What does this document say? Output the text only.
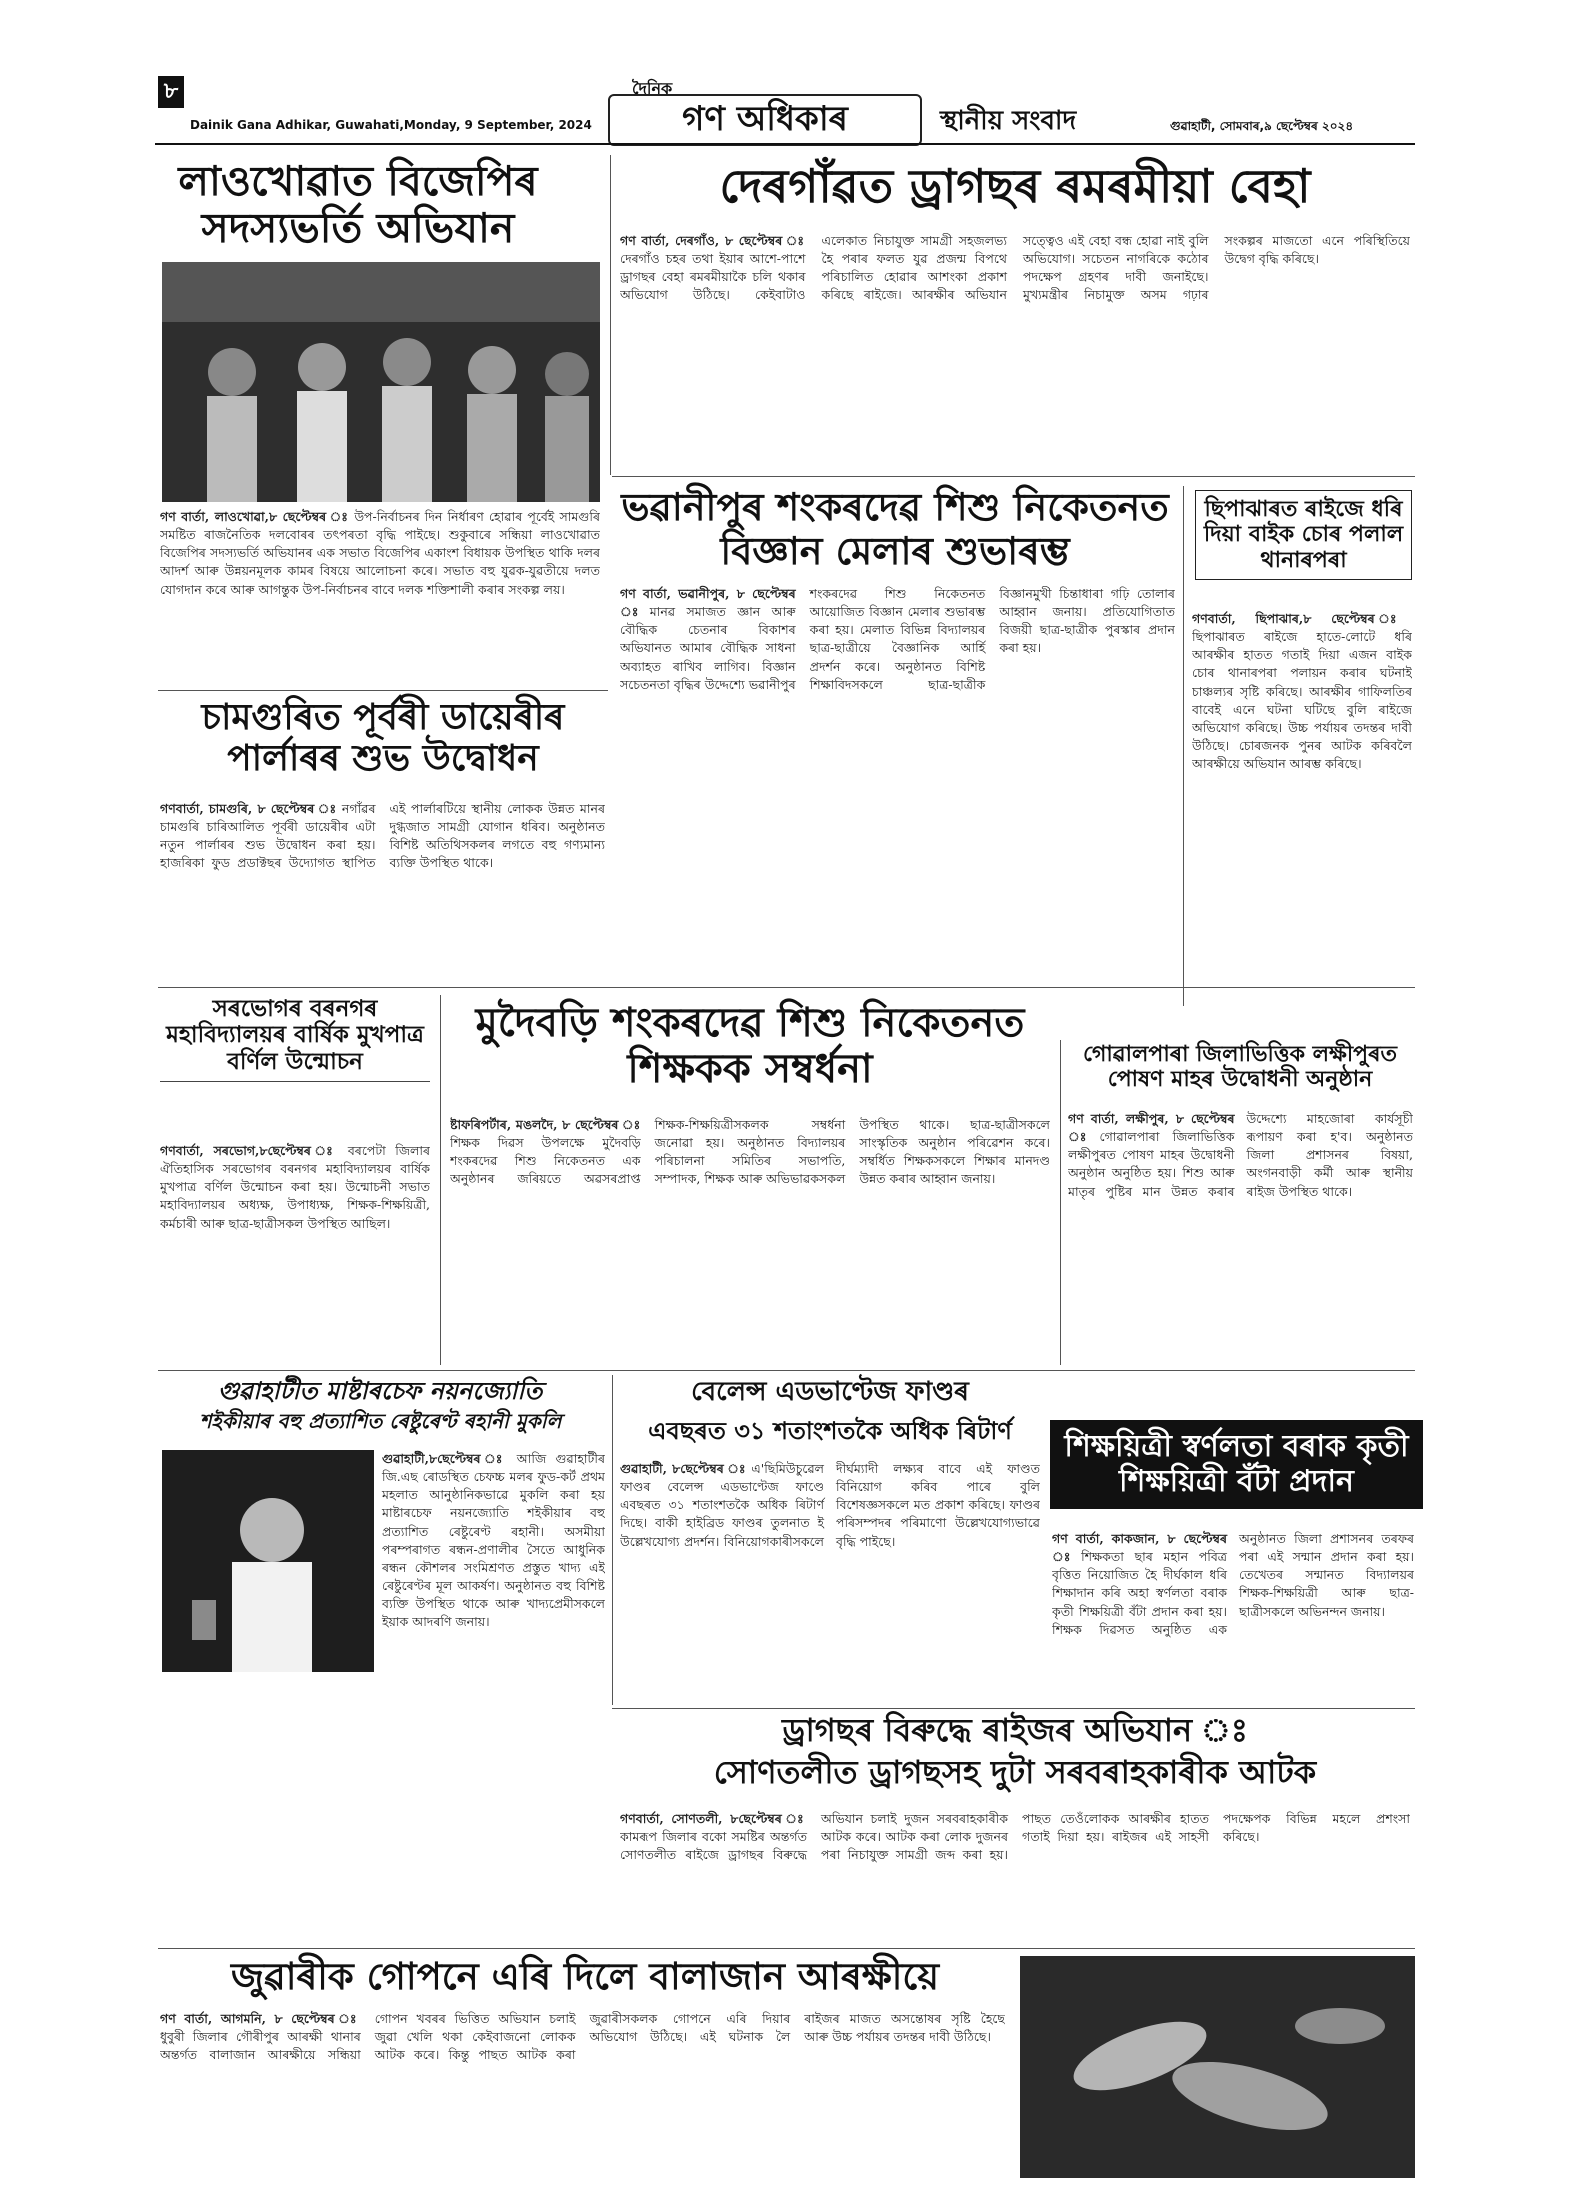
৮
Dainik Gana Adhikar, Guwahati,Monday, 9 September, 2024
দৈনিক
গণ অধিকাৰ	স্থানীয় সংবাদ	গুৱাহাটী, সোমবাৰ,৯ ছেপ্টেম্বৰ ২০২৪
লাওখোৱাত বিজেপিৰ সদস্যভৰ্তি অভিযান
গণ বাৰ্তা, লাওখোৱা,৮ ছেপ্টেম্বৰ ঃ উপ-নিৰ্বাচনৰ দিন নিৰ্ধাৰণ হোৱাৰ পূৰ্বেই সামগুৰি সমষ্টিত ৰাজনৈতিক দলবোৰৰ তৎপৰতা বৃদ্ধি পাইছে। শুকুবাৰে সন্ধিয়া লাওখোৱাত বিজেপিৰ সদস্যভৰ্তি অভিযানৰ এক সভাত বিজেপিৰ একাংশ বিধায়ক উপস্থিত থাকি দলৰ আদৰ্শ আৰু উন্নয়নমূলক কামৰ বিষয়ে আলোচনা কৰে। সভাত বহু যুৱক-যুৱতীয়ে দলত যোগদান কৰে আৰু আগন্তুক উপ-নিৰ্বাচনৰ বাবে দলক শক্তিশালী কৰাৰ সংকল্প লয়।
দেৰগাঁৱত ড্ৰাগছৰ ৰমৰমীয়া বেহা
গণ বাৰ্তা, দেৰগাঁও, ৮ ছেপ্টেম্বৰ ঃ দেৰগাঁও চহৰ তথা ইয়াৰ আশে-পাশে ড্ৰাগছৰ বেহা ৰমৰমীয়াকৈ চলি থকাৰ অভিযোগ উঠিছে। কেইবাটাও এলেকাত নিচাযুক্ত সামগ্ৰী সহজলভ্য হৈ পৰাৰ ফলত যুৱ প্ৰজন্ম বিপথে পৰিচালিত হোৱাৰ আশংকা প্ৰকাশ কৰিছে ৰাইজে। আৰক্ষীৰ অভিযান সত্ত্বেও এই বেহা বন্ধ হোৱা নাই বুলি অভিযোগ। সচেতন নাগৰিকে কঠোৰ পদক্ষেপ গ্ৰহণৰ দাবী জনাইছে। মুখ্যমন্ত্ৰীৰ নিচামুক্ত অসম গঢ়াৰ সংকল্পৰ মাজতো এনে পৰিস্থিতিয়ে উদ্বেগ বৃদ্ধি কৰিছে।
ভৱানীপুৰ শংকৰদেৱ শিশু নিকেতনত বিজ্ঞান মেলাৰ শুভাৰম্ভ
গণ বাৰ্তা, ভৱানীপুৰ, ৮ ছেপ্টেম্বৰ ঃ মানৱ সমাজত জ্ঞান আৰু বৌদ্ধিক চেতনাৰ বিকাশৰ অভিযানত আমাৰ বৌদ্ধিক সাধনা অব্যাহত ৰাখিব লাগিব। বিজ্ঞান সচেতনতা বৃদ্ধিৰ উদ্দেশ্যে ভৱানীপুৰ শংকৰদেৱ শিশু নিকেতনত আয়োজিত বিজ্ঞান মেলাৰ শুভাৰম্ভ কৰা হয়। মেলাত বিভিন্ন বিদ্যালয়ৰ ছাত্ৰ-ছাত্ৰীয়ে বৈজ্ঞানিক আৰ্হি প্ৰদৰ্শন কৰে। অনুষ্ঠানত বিশিষ্ট শিক্ষাবিদসকলে ছাত্ৰ-ছাত্ৰীক বিজ্ঞানমুখী চিন্তাধাৰা গঢ়ি তোলাৰ আহ্বান জনায়। প্ৰতিযোগিতাত বিজয়ী ছাত্ৰ-ছাত্ৰীক পুৰস্কাৰ প্ৰদান কৰা হয়।
ছিপাঝাৰত ৰাইজে ধৰি দিয়া বাইক চোৰ পলাল থানাৰপৰা
গণবাৰ্তা, ছিপাঝাৰ,৮ ছেপ্টেম্বৰ ঃ ছিপাঝাৰত ৰাইজে হাতে-লোটে ধৰি আৰক্ষীৰ হাতত গতাই দিয়া এজন বাইক চোৰ থানাৰপৰা পলায়ন কৰাৰ ঘটনাই চাঞ্চল্যৰ সৃষ্টি কৰিছে। আৰক্ষীৰ গাফিলতিৰ বাবেই এনে ঘটনা ঘটিছে বুলি ৰাইজে অভিযোগ কৰিছে। উচ্চ পৰ্যায়ৰ তদন্তৰ দাবী উঠিছে। চোৰজনক পুনৰ আটক কৰিবলৈ আৰক্ষীয়ে অভিযান আৰম্ভ কৰিছে।
চামগুৰিত পূৰ্বৰী ডায়েৰীৰ পাৰ্লাৰৰ শুভ উদ্বোধন
গণবাৰ্তা, চামগুৰি, ৮ ছেপ্টেম্বৰ ঃ নগাঁৱৰ চামগুৰি চাৰিআলিত পূৰ্বৰী ডায়েৰীৰ এটা নতুন পাৰ্লাৰৰ শুভ উদ্বোধন কৰা হয়। হাজৰিকা ফুড প্ৰডাক্টছৰ উদ্যোগত স্থাপিত এই পাৰ্লাৰটিয়ে স্থানীয় লোকক উন্নত মানৰ দুগ্ধজাত সামগ্ৰী যোগান ধৰিব। অনুষ্ঠানত বিশিষ্ট অতিথিসকলৰ লগতে বহু গণ্যমান্য ব্যক্তি উপস্থিত থাকে।
সৰভোগৰ বৰনগৰ মহাবিদ্যালয়ৰ বাৰ্ষিক মুখপাত্ৰ বৰ্ণিল উন্মোচন
গণবাৰ্তা, সৰভোগ,৮ছেপ্টেম্বৰ ঃ বৰপেটা জিলাৰ ঐতিহাসিক সৰভোগৰ বৰনগৰ মহাবিদ্যালয়ৰ বাৰ্ষিক মুখপাত্ৰ বৰ্ণিল উন্মোচন কৰা হয়। উন্মোচনী সভাত মহাবিদ্যালয়ৰ অধ্যক্ষ, উপাধ্যক্ষ, শিক্ষক-শিক্ষয়িত্ৰী, কৰ্মচাৰী আৰু ছাত্ৰ-ছাত্ৰীসকল উপস্থিত আছিল।
মুদৈবড়ি শংকৰদেৱ শিশু নিকেতনত শিক্ষকক সম্বৰ্ধনা
ষ্টাফৰিপৰ্টাৰ, মঙলদৈ, ৮ ছেপ্টেম্বৰ ঃ শিক্ষক দিৱস উপলক্ষে মুদৈবড়ি শংকৰদেৱ শিশু নিকেতনত এক অনুষ্ঠানৰ জৰিয়তে অৱসৰপ্ৰাপ্ত শিক্ষক-শিক্ষয়িত্ৰীসকলক সম্বৰ্ধনা জনোৱা হয়। অনুষ্ঠানত বিদ্যালয়ৰ পৰিচালনা সমিতিৰ সভাপতি, সম্পাদক, শিক্ষক আৰু অভিভাৱকসকল উপস্থিত থাকে। ছাত্ৰ-ছাত্ৰীসকলে সাংস্কৃতিক অনুষ্ঠান পৰিৱেশন কৰে। সম্বৰ্ধিত শিক্ষকসকলে শিক্ষাৰ মানদণ্ড উন্নত কৰাৰ আহ্বান জনায়।
গোৱালপাৰা জিলাভিত্তিক লক্ষীপুৰত পোষণ মাহৰ উদ্বোধনী অনুষ্ঠান
গণ বাৰ্তা, লক্ষীপুৰ, ৮ ছেপ্টেম্বৰ ঃ গোৱালপাৰা জিলাভিত্তিক লক্ষীপুৰত পোষণ মাহৰ উদ্বোধনী অনুষ্ঠান অনুষ্ঠিত হয়। শিশু আৰু মাতৃৰ পুষ্টিৰ মান উন্নত কৰাৰ উদ্দেশ্যে মাহজোৰা কাৰ্যসূচী ৰূপায়ণ কৰা হ'ব। অনুষ্ঠানত জিলা প্ৰশাসনৰ বিষয়া, অংগনবাড়ী কৰ্মী আৰু স্থানীয় ৰাইজ উপস্থিত থাকে।
গুৱাহাটীত মাষ্টাৰচেফ নয়নজ্যোতি
শইকীয়াৰ বহু প্ৰত্যাশিত ৰেষ্টুৰেণ্ট ৰহানী মুকলি
গুৱাহাটী,৮ছেপ্টেম্বৰ ঃ আজি গুৱাহাটীৰ জি.এছ ৰোডস্থিত চেফচ্চ মলৰ ফুড-কৰ্ট প্ৰথম মহলাত আনুষ্ঠানিকভাৱে মুকলি কৰা হয় মাষ্টাৰচেফ নয়নজ্যোতি শইকীয়াৰ বহু প্ৰত্যাশিত ৰেষ্টুৰেণ্ট ৰহানী। অসমীয়া পৰম্পৰাগত ৰন্ধন-প্ৰণালীৰ সৈতে আধুনিক ৰন্ধন কৌশলৰ সংমিশ্ৰণত প্ৰস্তুত খাদ্য এই ৰেষ্টুৰেণ্টৰ মূল আকৰ্ষণ। অনুষ্ঠানত বহু বিশিষ্ট ব্যক্তি উপস্থিত থাকে আৰু খাদ্যপ্ৰেমীসকলে ইয়াক আদৰণি জনায়।
বেলেন্স এডভাণ্টেজ ফাণ্ডৰ
এবছৰত ৩১ শতাংশতকৈ অধিক ৰিটাৰ্ণ
গুৱাহাটী, ৮ছেপ্টেম্বৰ ঃ এ'ছিমিউচুৱেল ফাণ্ডৰ বেলেন্স এডভাণ্টেজ ফাণ্ডে এবছৰত ৩১ শতাংশতকৈ অধিক ৰিটাৰ্ণ দিছে। বাকী হাইব্ৰিড ফাণ্ডৰ তুলনাত ই উল্লেখযোগ্য প্ৰদৰ্শন। বিনিয়োগকাৰীসকলে দীৰ্ঘম্যাদী লক্ষ্যৰ বাবে এই ফাণ্ডত বিনিয়োগ কৰিব পাৰে বুলি বিশেষজ্ঞসকলে মত প্ৰকাশ কৰিছে। ফাণ্ডৰ পৰিসম্পদৰ পৰিমাণো উল্লেখযোগ্যভাৱে বৃদ্ধি পাইছে।
শিক্ষয়িত্ৰী স্বৰ্ণলতা বৰাক কৃতী শিক্ষয়িত্ৰী বঁটা প্ৰদান
গণ বাৰ্তা, কাকজান, ৮ ছেপ্টেম্বৰ ঃ শিক্ষকতা ছাৰ মহান পবিত্ৰ বৃত্তিত নিয়োজিত হৈ দীৰ্ঘকাল ধৰি শিক্ষাদান কৰি অহা স্বৰ্ণলতা বৰাক কৃতী শিক্ষয়িত্ৰী বঁটা প্ৰদান কৰা হয়। শিক্ষক দিৱসত অনুষ্ঠিত এক অনুষ্ঠানত জিলা প্ৰশাসনৰ তৰফৰ পৰা এই সন্মান প্ৰদান কৰা হয়। তেখেতৰ সন্মানত বিদ্যালয়ৰ শিক্ষক-শিক্ষয়িত্ৰী আৰু ছাত্ৰ-ছাত্ৰীসকলে অভিনন্দন জনায়।
ড্ৰাগছৰ বিৰুদ্ধে ৰাইজৰ অভিযান ঃ
সোণতলীত ড্ৰাগছসহ দুটা সৰবৰাহকাৰীক আটক
গণবাৰ্তা, সোণতলী, ৮ছেপ্টেম্বৰ ঃ কামৰূপ জিলাৰ বকো সমষ্টিৰ অন্তৰ্গত সোণতলীত ৰাইজে ড্ৰাগছৰ বিৰুদ্ধে অভিযান চলাই দুজন সৰবৰাহকাৰীক আটক কৰে। আটক কৰা লোক দুজনৰ পৰা নিচাযুক্ত সামগ্ৰী জব্দ কৰা হয়। পাছত তেওঁলোকক আৰক্ষীৰ হাতত গতাই দিয়া হয়। ৰাইজৰ এই সাহসী পদক্ষেপক বিভিন্ন মহলে প্ৰশংসা কৰিছে।
জুৱাৰীক গোপনে এৰি দিলে বালাজান আৰক্ষীয়ে
গণ বাৰ্তা, আগমনি, ৮ ছেপ্টেম্বৰ ঃ ধুবুৰী জিলাৰ গৌৰীপুৰ আৰক্ষী থানাৰ অন্তৰ্গত বালাজান আৰক্ষীয়ে সন্ধিয়া গোপন খবৰৰ ভিত্তিত অভিযান চলাই জুৱা খেলি থকা কেইবাজনো লোকক আটক কৰে। কিন্তু পাছত আটক কৰা জুৱাৰীসকলক গোপনে এৰি দিয়াৰ অভিযোগ উঠিছে। এই ঘটনাক লৈ ৰাইজৰ মাজত অসন্তোষৰ সৃষ্টি হৈছে আৰু উচ্চ পৰ্যায়ৰ তদন্তৰ দাবী উঠিছে।
